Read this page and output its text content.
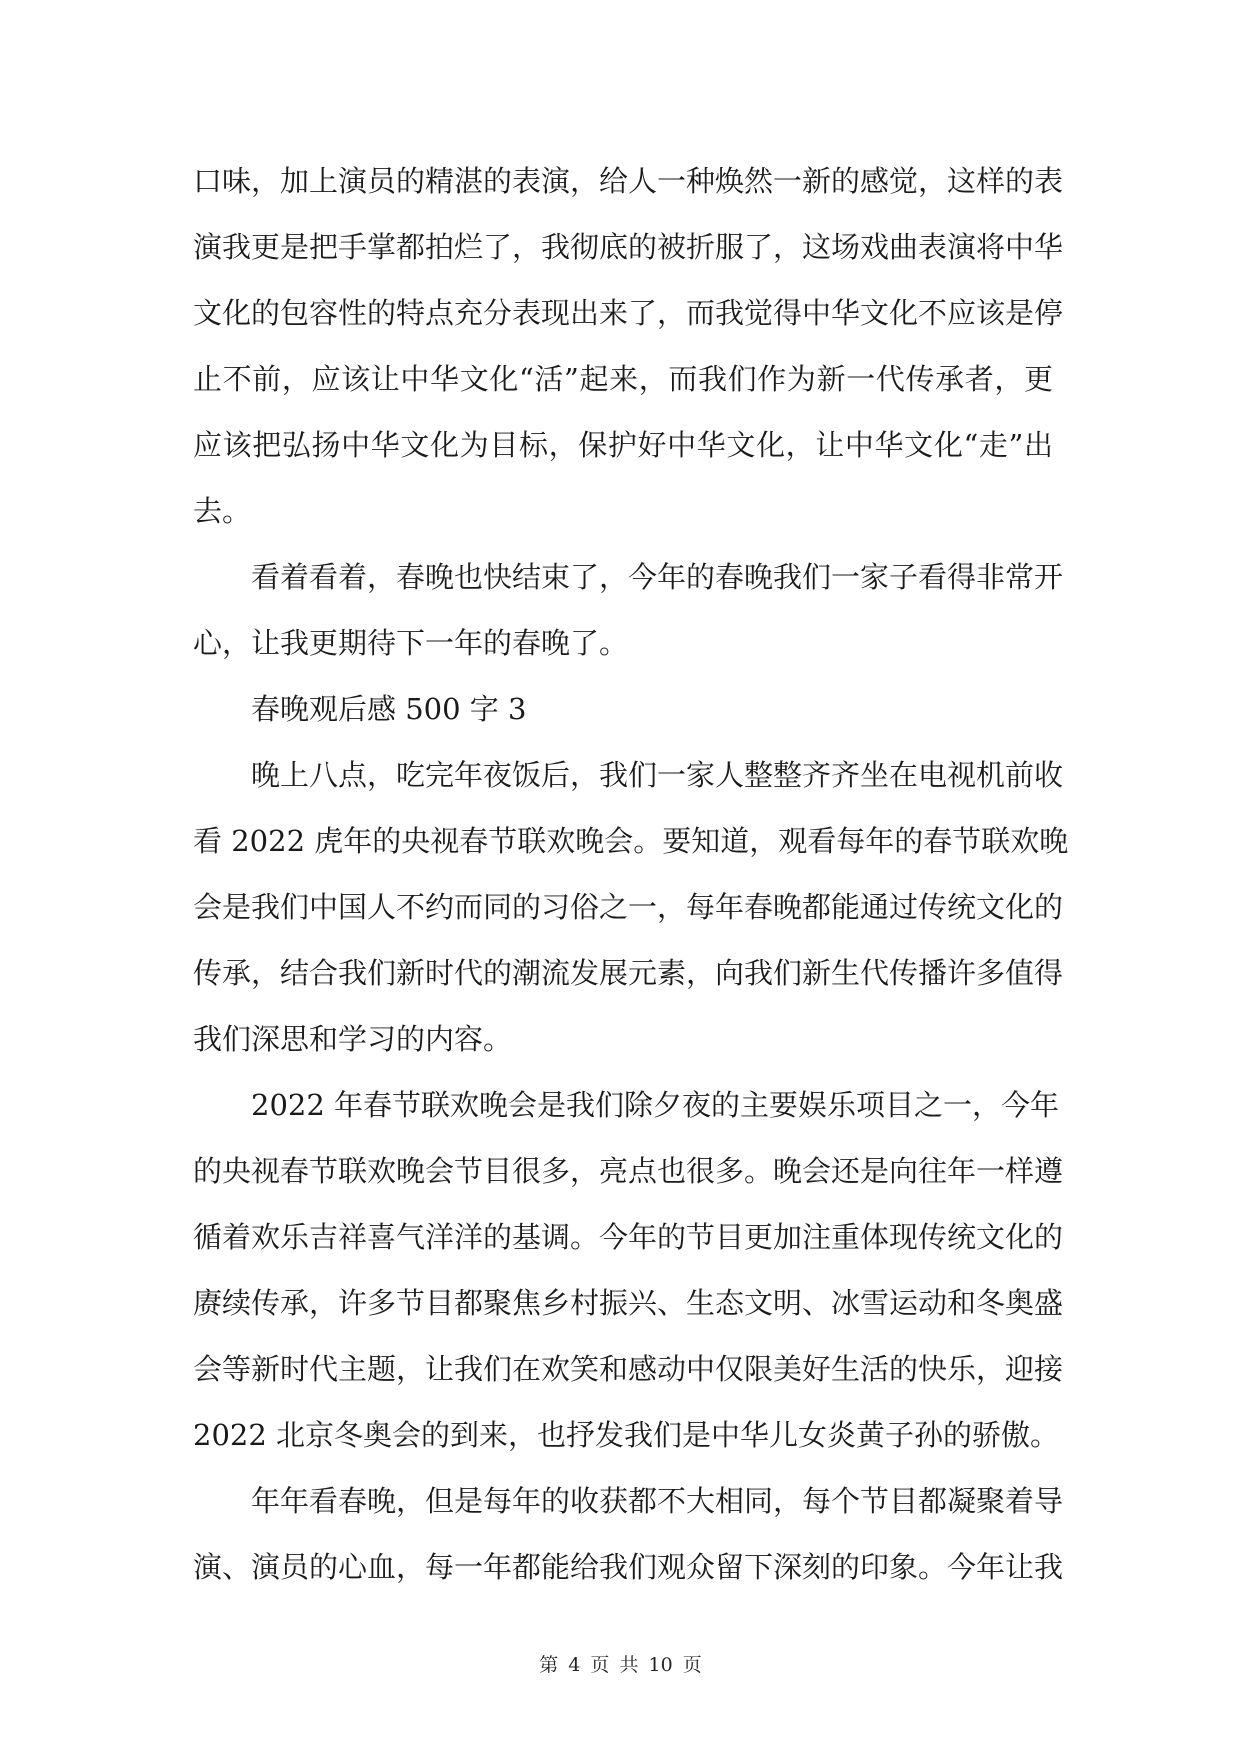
口味，加上演员的精湛的表演，给人一种焕然一新的感觉，这样的表
演我更是把手掌都拍烂了，我彻底的被折服了，这场戏曲表演将中华
文化的包容性的特点充分表现出来了，而我觉得中华文化不应该是停
止不前，应该让中华文化“活”起来，而我们作为新一代传承者，更
应该把弘扬中华文化为目标，保护好中华文化，让中华文化“走”出
去。
看着看着，春晚也快结束了，今年的春晚我们一家子看得非常开
心，让我更期待下一年的春晚了。
春晚观后感 500 字 3
晚上八点，吃完年夜饭后，我们一家人整整齐齐坐在电视机前收
看 2022 虎年的央视春节联欢晚会。要知道，观看每年的春节联欢晚
会是我们中国人不约而同的习俗之一，每年春晚都能通过传统文化的
传承，结合我们新时代的潮流发展元素，向我们新生代传播许多值得
我们深思和学习的内容。
2022 年春节联欢晚会是我们除夕夜的主要娱乐项目之一，今年
的央视春节联欢晚会节目很多，亮点也很多。晚会还是向往年一样遵
循着欢乐吉祥喜气洋洋的基调。今年的节目更加注重体现传统文化的
赓续传承，许多节目都聚焦乡村振兴、生态文明、冰雪运动和冬奥盛
会等新时代主题，让我们在欢笑和感动中仅限美好生活的快乐，迎接
2022 北京冬奥会的到来，也抒发我们是中华儿女炎黄子孙的骄傲。
年年看春晚，但是每年的收获都不大相同，每个节目都凝聚着导
演、演员的心血，每一年都能给我们观众留下深刻的印象。今年让我
第 4 页 共 10 页
